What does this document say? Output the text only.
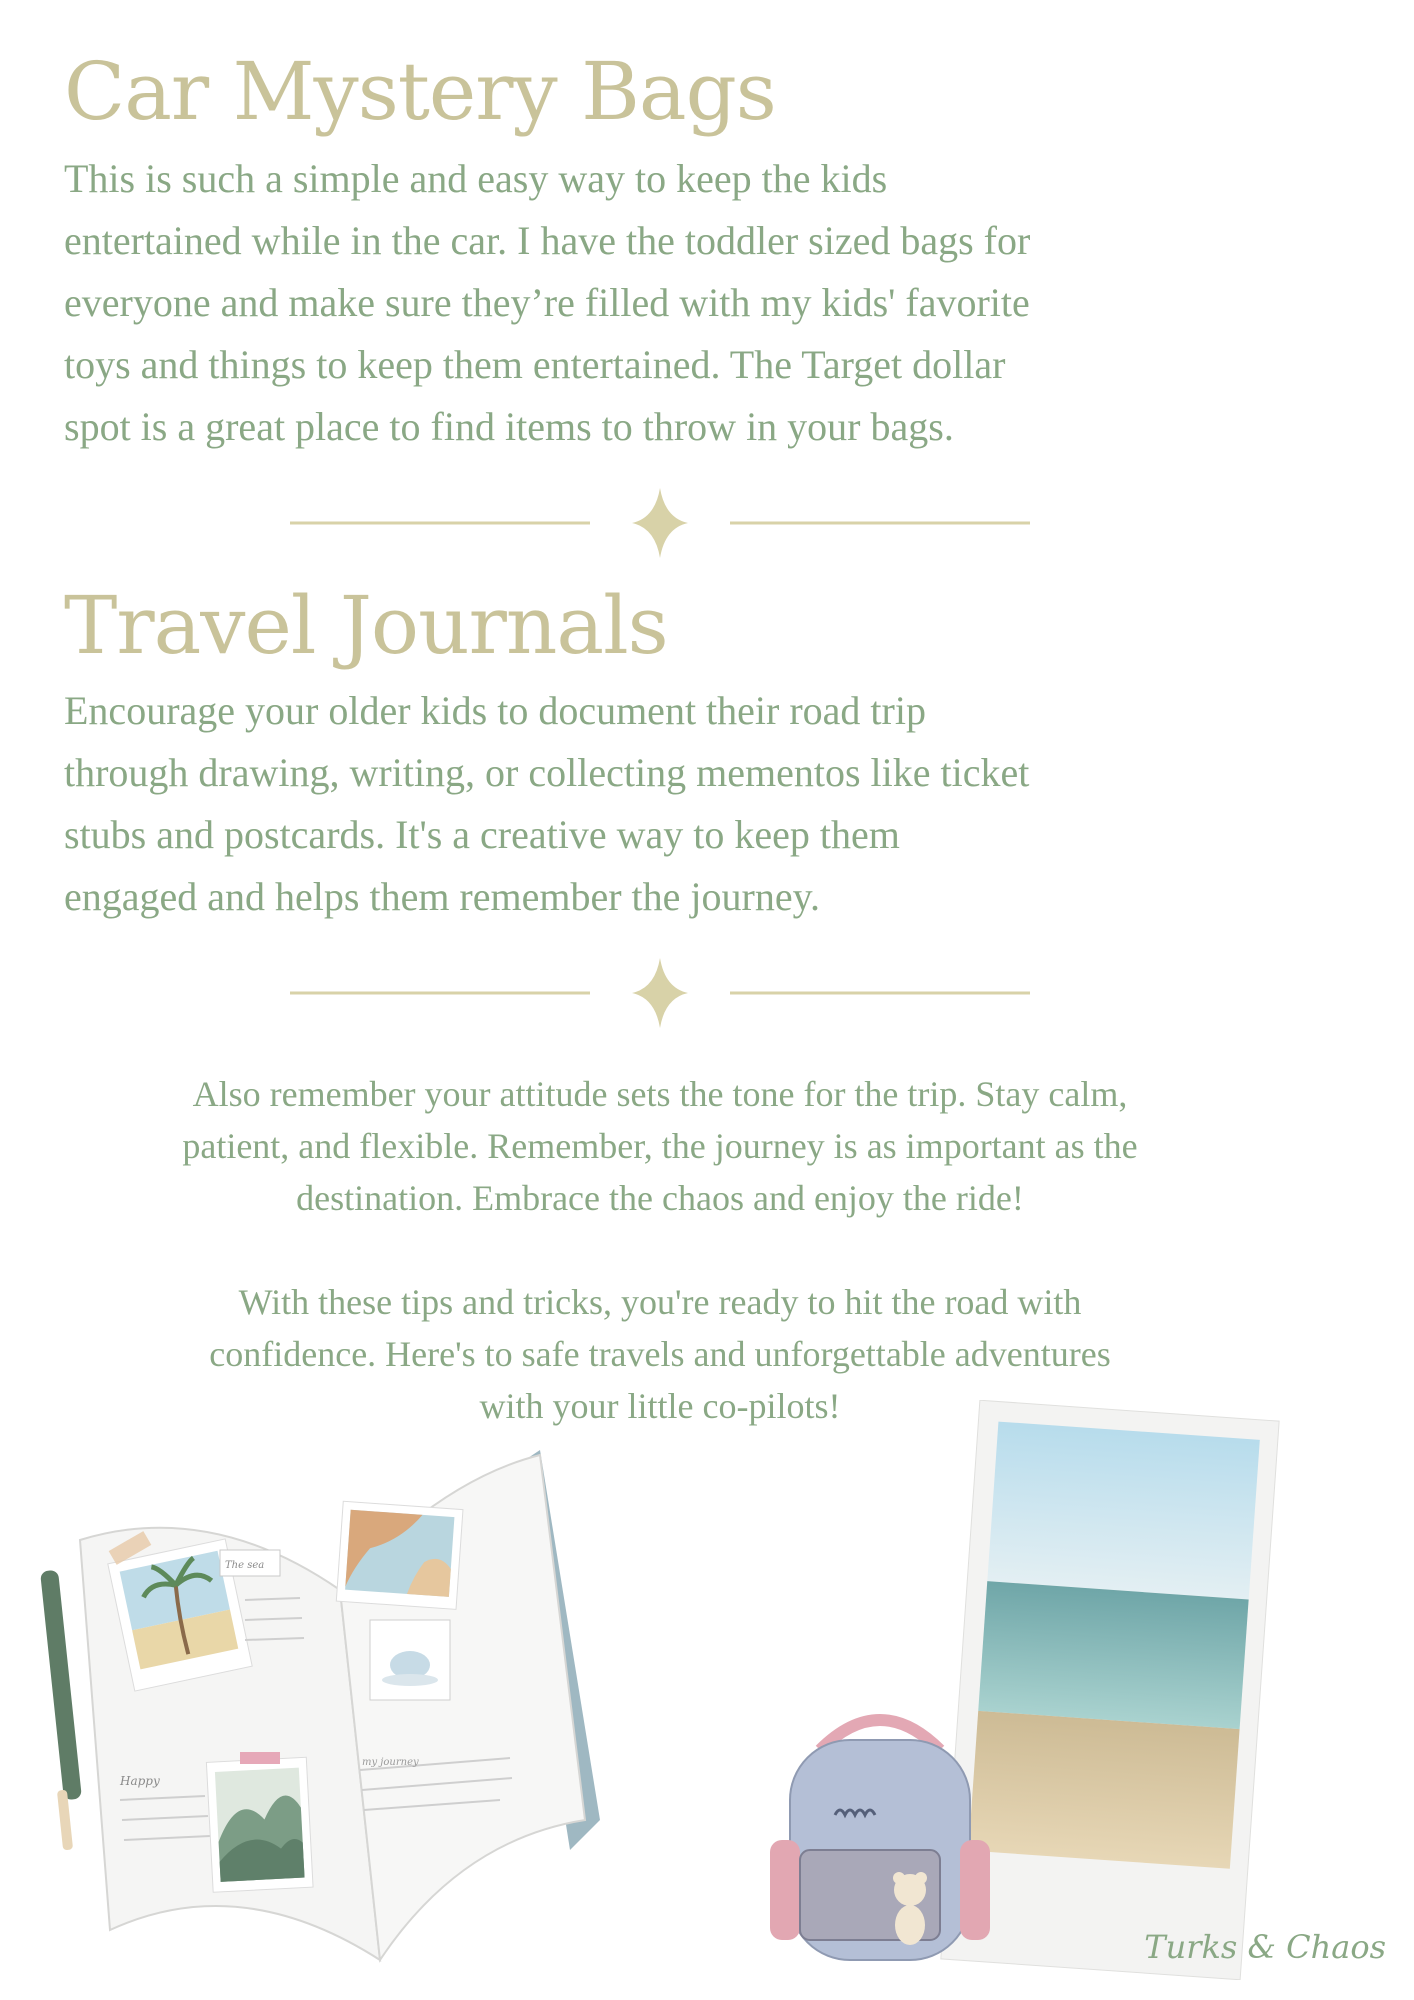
Car Mystery Bags
This is such a simple and easy way to keep the kids
entertained while in the car. I have the toddler sized bags for
everyone and make sure they’re filled with my kids' favorite
toys and things to keep them entertained. The Target dollar
spot is a great place to find items to throw in your bags.
Travel Journals
Encourage your older kids to document their road trip
through drawing, writing, or collecting mementos like ticket
stubs and postcards. It's a creative way to keep them
engaged and helps them remember the journey.
Also remember your attitude sets the tone for the trip. Stay calm,
patient, and flexible. Remember, the journey is as important as the
destination. Embrace the chaos and enjoy the ride!
With these tips and tricks, you're ready to hit the road with
confidence. Here's to safe travels and unforgettable adventures
with your little co-pilots!
The sea
Happy
my journey
Turks & Chaos
